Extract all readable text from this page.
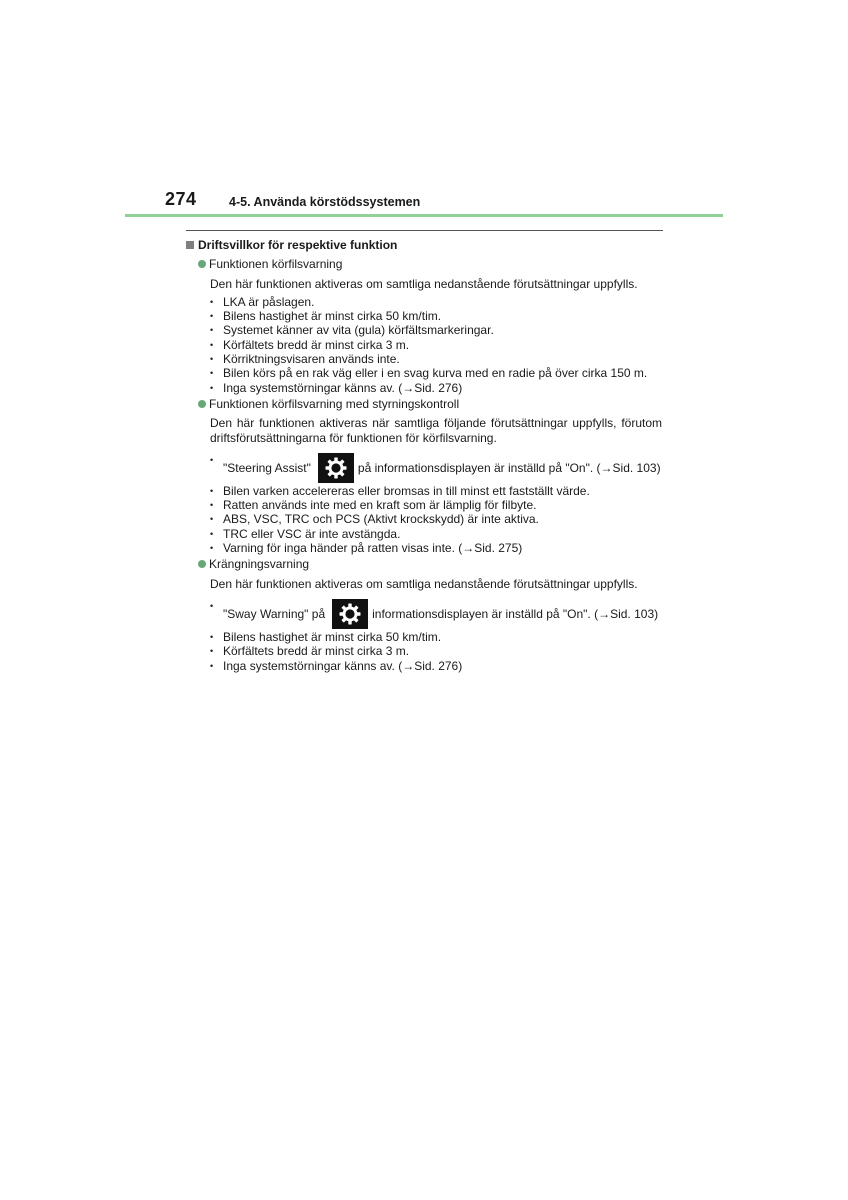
274	4-5. Använda körstödssystemen
Driftsvillkor för respektive funktion
Funktionen körfilsvarning
Den här funktionen aktiveras om samtliga nedanstående förutsättningar uppfylls.
• LKA är påslagen.
• Bilens hastighet är minst cirka 50 km/tim.
• Systemet känner av vita (gula) körfältsmarkeringar.
• Körfältets bredd är minst cirka 3 m.
• Körriktningsvisaren används inte.
• Bilen körs på en rak väg eller i en svag kurva med en radie på över cirka 150 m.
• Inga systemstörningar känns av. (→Sid. 276)
Funktionen körfilsvarning med styrningskontroll
Den här funktionen aktiveras när samtliga följande förutsättningar uppfylls, förutom driftsförutsättningarna för funktionen för körfilsvarning.
• "Steering Assist"	på informationsdisplayen är inställd på "On". (→Sid. 103)
• Bilen varken accelereras eller bromsas in till minst ett fastställt värde.
• Ratten används inte med en kraft som är lämplig för filbyte.
• ABS, VSC, TRC och PCS (Aktivt krockskydd) är inte aktiva.
• TRC eller VSC är inte avstängda.
• Varning för inga händer på ratten visas inte. (→Sid. 275)
Krängningsvarning
Den här funktionen aktiveras om samtliga nedanstående förutsättningar uppfylls.
• "Sway Warning" på	informationsdisplayen är inställd på "On". (→Sid. 103)
• Bilens hastighet är minst cirka 50 km/tim.
• Körfältets bredd är minst cirka 3 m.
• Inga systemstörningar känns av. (→Sid. 276)
